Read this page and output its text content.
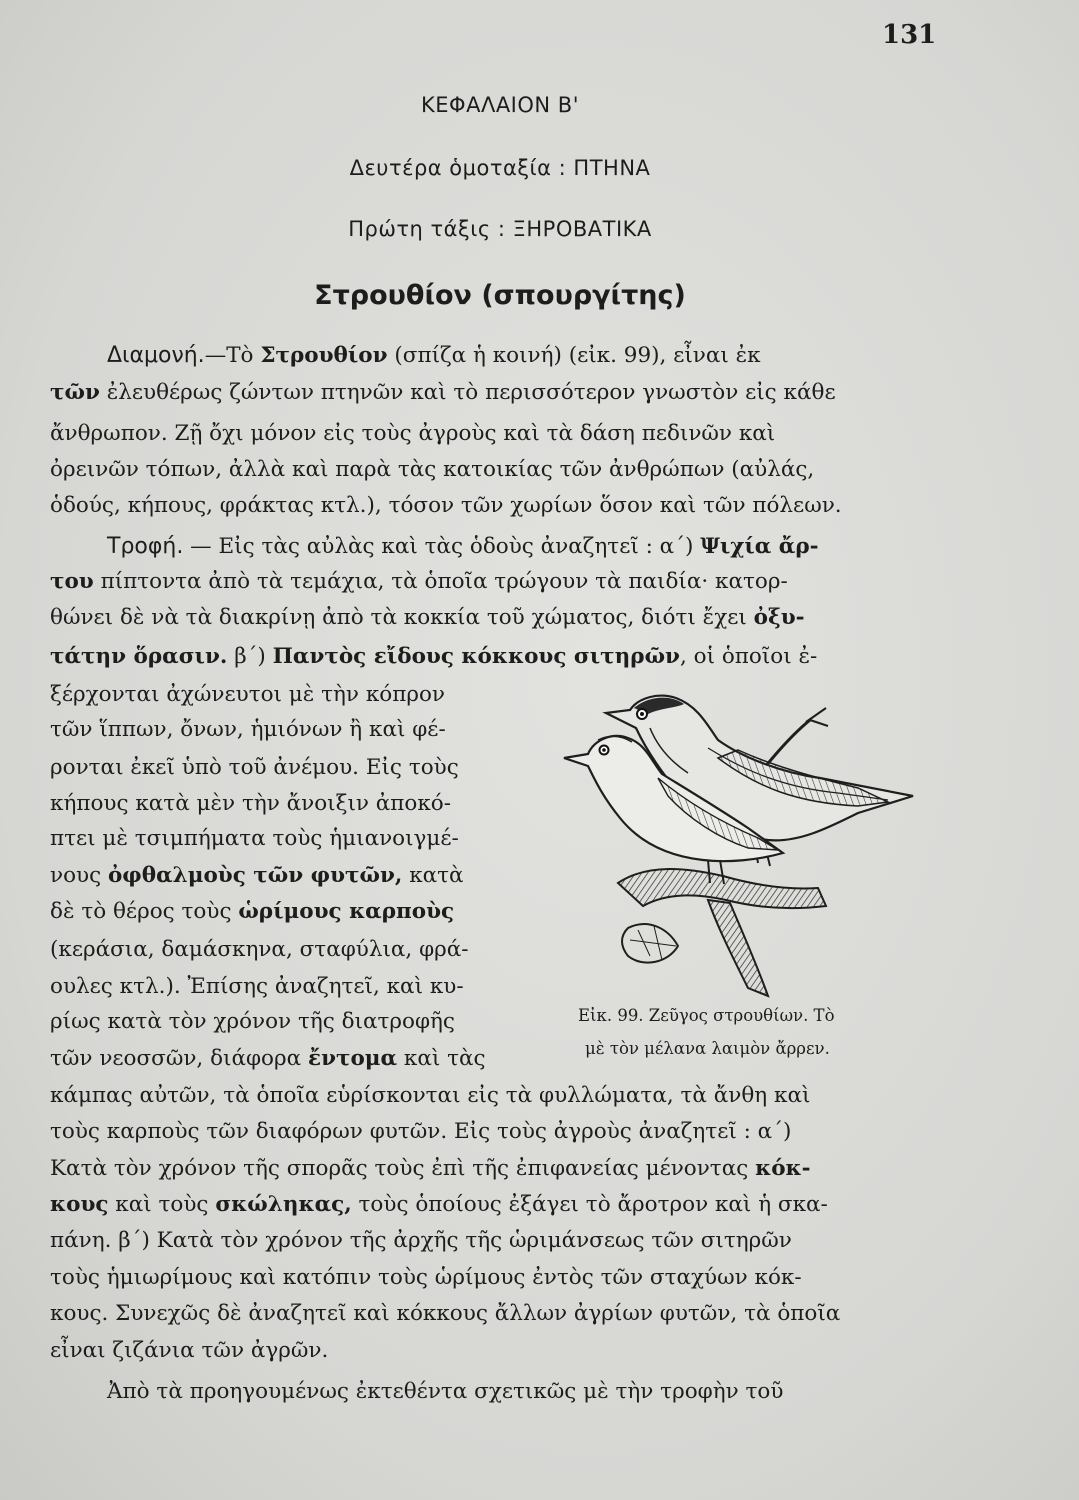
131
ΚΕΦΑΛΑΙΟΝ Β'
Δευτέρα ὁμοταξία : ΠΤΗΝΑ
Πρώτη τάξις : ΞΗΡΟΒΑΤΙΚΑ
Στρουθίον (σπουργίτης)
Διαμονή.—Τὸ Στρουθίον (σπίζα ἡ κοινή) (εἰκ. 99), εἶναι ἐκ
τῶν ἐλευθέρως ζώντων πτηνῶν καὶ τὸ περισσότερον γνωστὸν εἰς κάθε
ἄνθρωπον. Ζῇ ὄχι μόνον εἰς τοὺς ἀγροὺς καὶ τὰ δάση πεδινῶν καὶ
ὀρεινῶν τόπων, ἀλλὰ καὶ παρὰ τὰς κατοικίας τῶν ἀνθρώπων (αὐλάς,
ὁδούς, κήπους, φράκτας κτλ.), τόσον τῶν χωρίων ὅσον καὶ τῶν πόλεων.
Τροφή. — Εἰς τὰς αὐλὰς καὶ τὰς ὁδοὺς ἀναζητεῖ : α΄) Ψιχία ἄρ-
του πίπτοντα ἀπὸ τὰ τεμάχια, τὰ ὁποῖα τρώγουν τὰ παιδία· κατορ-
θώνει δὲ νὰ τὰ διακρίνῃ ἀπὸ τὰ κοκκία τοῦ χώματος, διότι ἔχει ὀξυ-
τάτην ὅρασιν. β΄) Παντὸς εἴδους κόκκους σιτηρῶν, οἱ ὁποῖοι ἐ-
ξέρχονται ἀχώνευτοι μὲ τὴν κόπρον
τῶν ἵππων, ὄνων, ἡμιόνων ἢ καὶ φέ-
ρονται ἐκεῖ ὑπὸ τοῦ ἀνέμου. Εἰς τοὺς
κήπους κατὰ μὲν τὴν ἄνοιξιν ἀποκό-
πτει μὲ τσιμπήματα τοὺς ἡμιανοιγμέ-
νους ὀφθαλμοὺς τῶν φυτῶν, κατὰ
δὲ τὸ θέρος τοὺς ὡρίμους καρποὺς
(κεράσια, δαμάσκηνα, σταφύλια, φρά-
ουλες κτλ.). Ἐπίσης ἀναζητεῖ, καὶ κυ-
ρίως κατὰ τὸν χρόνον τῆς διατροφῆς
τῶν νεοσσῶν, διάφορα ἔντομα καὶ τὰς
κάμπας αὐτῶν, τὰ ὁποῖα εὑρίσκονται εἰς τὰ φυλλώματα, τὰ ἄνθη καὶ
τοὺς καρποὺς τῶν διαφόρων φυτῶν. Εἰς τοὺς ἀγροὺς ἀναζητεῖ : α΄)
Κατὰ τὸν χρόνον τῆς σπορᾶς τοὺς ἐπὶ τῆς ἐπιφανείας μένοντας κόκ-
κους καὶ τοὺς σκώληκας, τοὺς ὁποίους ἐξάγει τὸ ἄροτρον καὶ ἡ σκα-
πάνη. β΄) Κατὰ τὸν χρόνον τῆς ἀρχῆς τῆς ὡριμάνσεως τῶν σιτηρῶν
τοὺς ἡμιωρίμους καὶ κατόπιν τοὺς ὡρίμους ἐντὸς τῶν σταχύων κόκ-
κους. Συνεχῶς δὲ ἀναζητεῖ καὶ κόκκους ἄλλων ἀγρίων φυτῶν, τὰ ὁποῖα
εἶναι ζιζάνια τῶν ἀγρῶν.
Ἀπὸ τὰ προηγουμένως ἐκτεθέντα σχετικῶς μὲ τὴν τροφὴν τοῦ
Εἰκ. 99. Ζεῦγος στρουθίων. Τὸ
μὲ τὸν μέλανα λαιμὸν ἄρρεν.
